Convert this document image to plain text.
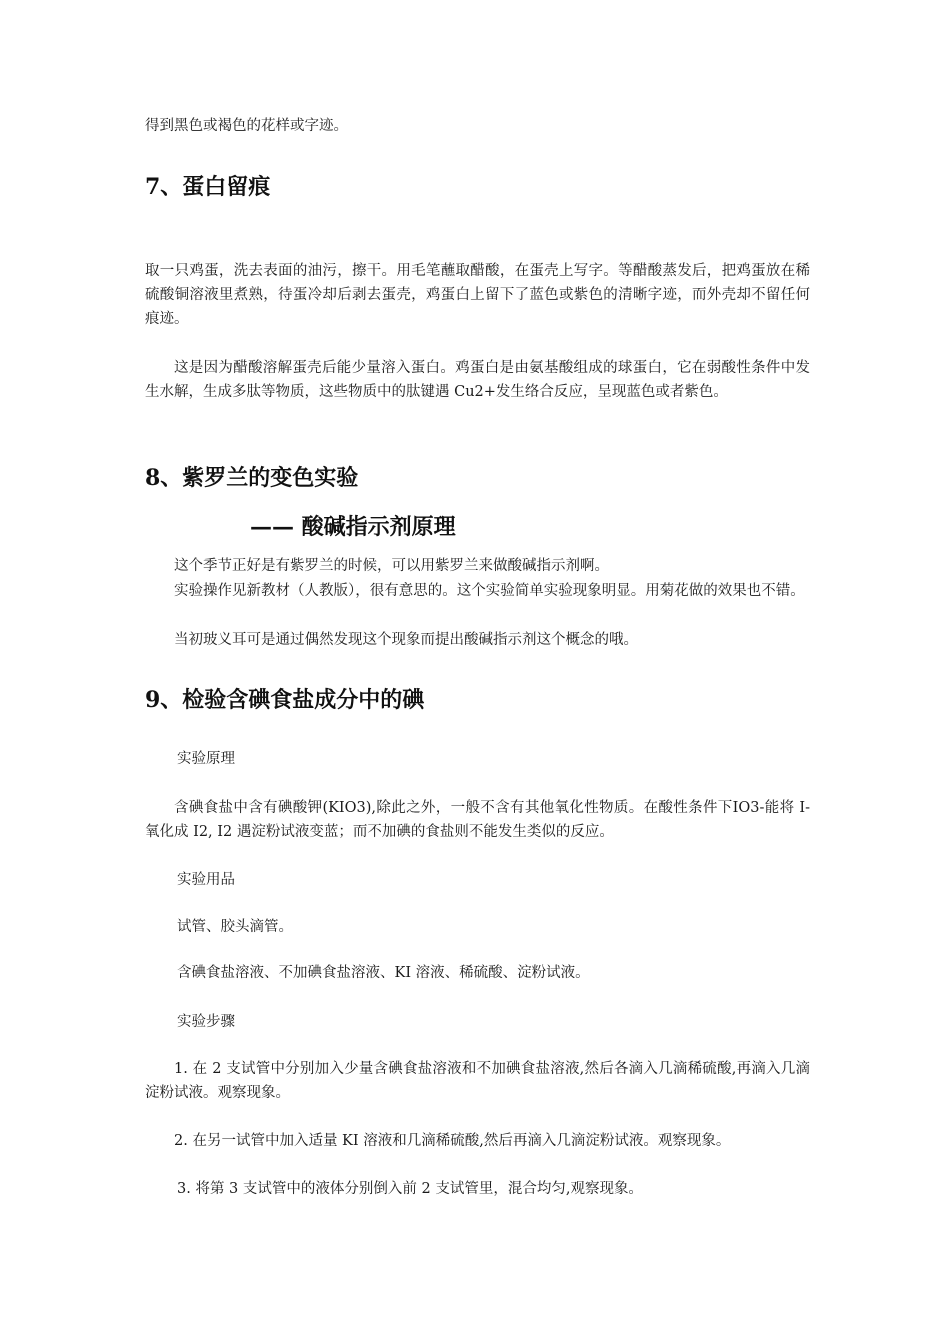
得到黑色或褐色的花样或字迹。

7、蛋白留痕

取一只鸡蛋，洗去表面的油污，擦干。用毛笔蘸取醋酸，在蛋壳上写字。等醋酸蒸发后，把鸡蛋放在稀硫酸铜溶液里煮熟，待蛋冷却后剥去蛋壳，鸡蛋白上留下了蓝色或紫色的清晰字迹，而外壳却不留任何痕迹。

这是因为醋酸溶解蛋壳后能少量溶入蛋白。鸡蛋白是由氨基酸组成的球蛋白，它在弱酸性条件中发生水解，生成多肽等物质，这些物质中的肽键遇 Cu2+发生络合反应，呈现蓝色或者紫色。

8、紫罗兰的变色实验
—— 酸碱指示剂原理

这个季节正好是有紫罗兰的时候，可以用紫罗兰来做酸碱指示剂啊。

实验操作见新教材（人教版），很有意思的。这个实验简单实验现象明显。用菊花做的效果也不错。

当初玻义耳可是通过偶然发现这个现象而提出酸碱指示剂这个概念的哦。

9、检验含碘食盐成分中的碘

实验原理

含碘食盐中含有碘酸钾(KIO3),除此之外，一般不含有其他氧化性物质。在酸性条件下IO3-能将 I-氧化成 I2, I2 遇淀粉试液变蓝；而不加碘的食盐则不能发生类似的反应。

实验用品

试管、胶头滴管。

含碘食盐溶液、不加碘食盐溶液、KI 溶液、稀硫酸、淀粉试液。

实验步骤

1. 在 2 支试管中分别加入少量含碘食盐溶液和不加碘食盐溶液,然后各滴入几滴稀硫酸,再滴入几滴淀粉试液。观察现象。

2. 在另一试管中加入适量 KI 溶液和几滴稀硫酸,然后再滴入几滴淀粉试液。观察现象。

3. 将第 3 支试管中的液体分别倒入前 2 支试管里，混合均匀,观察现象。
